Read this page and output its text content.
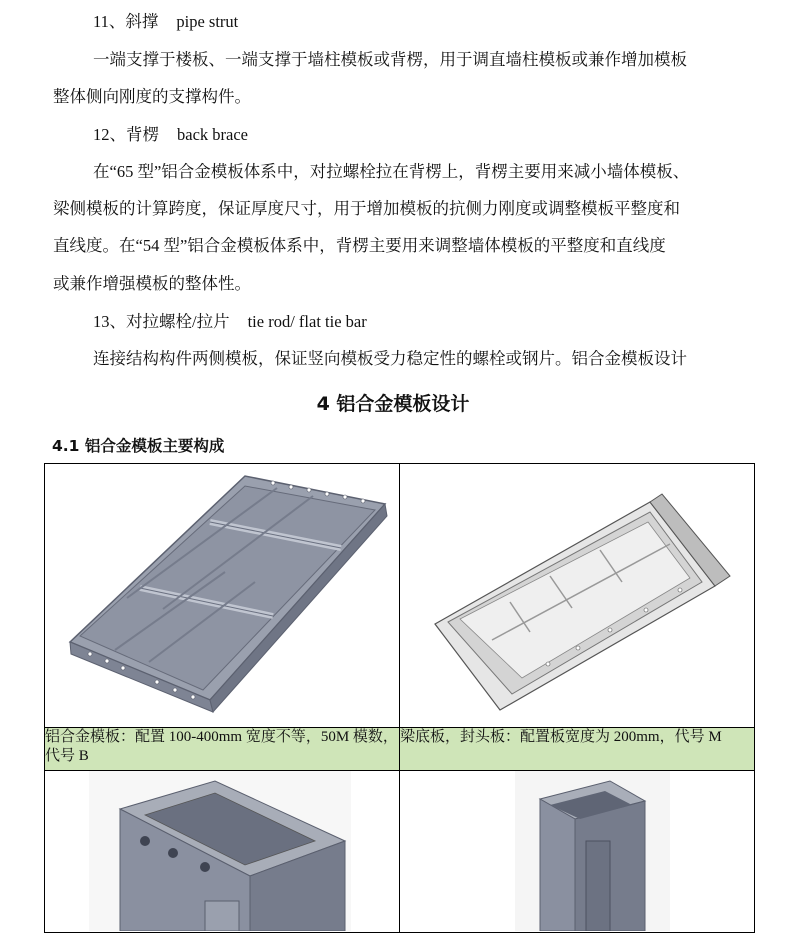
11、斜撑 pipe strut
一端支撑于楼板、一端支撑于墙柱模板或背楞，用于调直墙柱模板或兼作增加模板
整体侧向刚度的支撑构件。
12、背楞 back brace
在“65 型”铝合金模板体系中，对拉螺栓拉在背楞上，背楞主要用来减小墙体模板、
梁侧模板的计算跨度，保证厚度尺寸，用于增加模板的抗侧力刚度或调整模板平整度和
直线度。在“54 型”铝合金模板体系中，背楞主要用来调整墙体模板的平整度和直线度
或兼作增强模板的整体性。
13、对拉螺栓/拉片 tie rod/ flat tie bar
连接结构构件两侧模板，保证竖向模板受力稳定性的螺栓或钢片。铝合金模板设计
4 铝合金模板设计
4.1 铝合金模板主要构成

铝合金模板：配置 100-400mm 宽度不等，50M 模数，代号 B	梁底板，封头板：配置板宽度为 200mm，代号 M
